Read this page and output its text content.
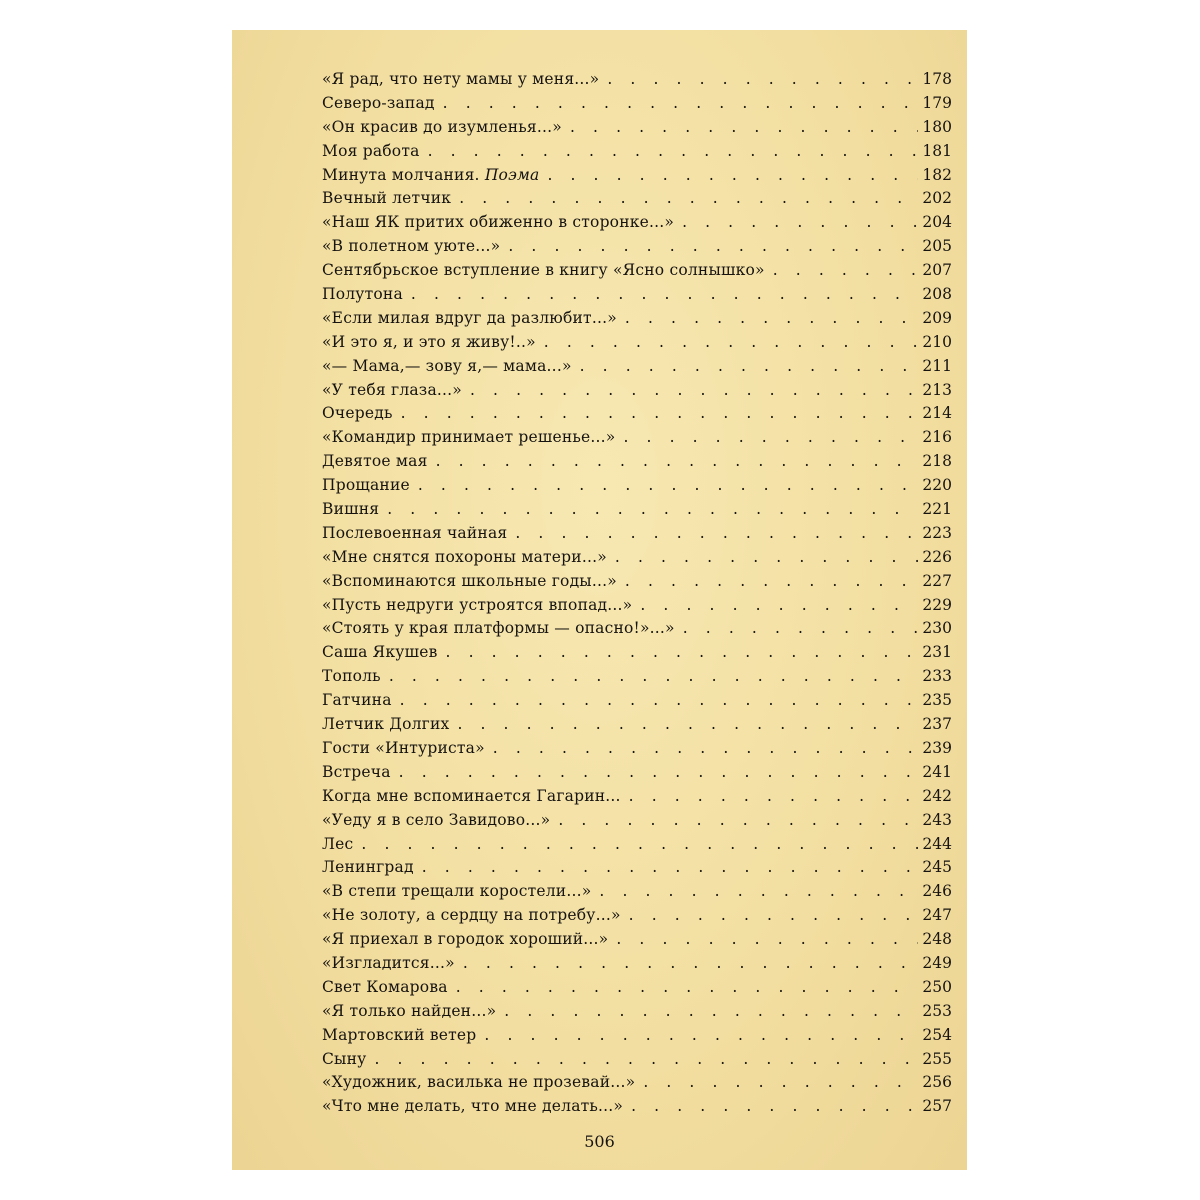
«Я рад, что нету мамы у меня...» . . .	178
Северо-запад . . .	179
«Он красив до изумленья...» . . .	180
Моя работа . . .	181
Минута молчания. Поэма . . .	182
Вечный летчик . . .	202
«Наш ЯК притих обиженно в сторонке...» . . .	204
«В полетном уюте...» . . .	205
Сентябрьское вступление в книгу «Ясно солнышко» . . .	207
Полутона . . .	208
«Если милая вдруг да разлюбит...» . . .	209
«И это я, и это я живу!..» . . .	210
«— Мама,— зову я,— мама...» . . .	211
«У тебя глаза...» . . .	213
Очередь . . .	214
«Командир принимает решенье...» . . .	216
Девятое мая . . .	218
Прощание . . .	220
Вишня . . .	221
Послевоенная чайная . . .	223
«Мне снятся похороны матери...» . . .	226
«Вспоминаются школьные годы...» . . .	227
«Пусть недруги устроятся впопад...» . . .	229
«Стоять у края платформы — опасно!»...» . . .	230
Саша Якушев . . .	231
Тополь . . .	233
Гатчина . . .	235
Летчик Долгих . . .	237
Гости «Интуриста» . . .	239
Встреча . . .	241
Когда мне вспоминается Гагарин... . . .	242
«Уеду я в село Завидово...» . . .	243
Лес . . .	244
Ленинград . . .	245
«В степи трещали коростели...» . . .	246
«Не золоту, а сердцу на потребу...» . . .	247
«Я приехал в городок хороший...» . . .	248
«Изгладится...» . . .	249
Свет Комарова . . .	250
«Я только найден...» . . .	253
Мартовский ветер . . .	254
Сыну . . .	255
«Художник, василька не прозевай...» . . .	256
«Что мне делать, что мне делать...» . . .	257
506
